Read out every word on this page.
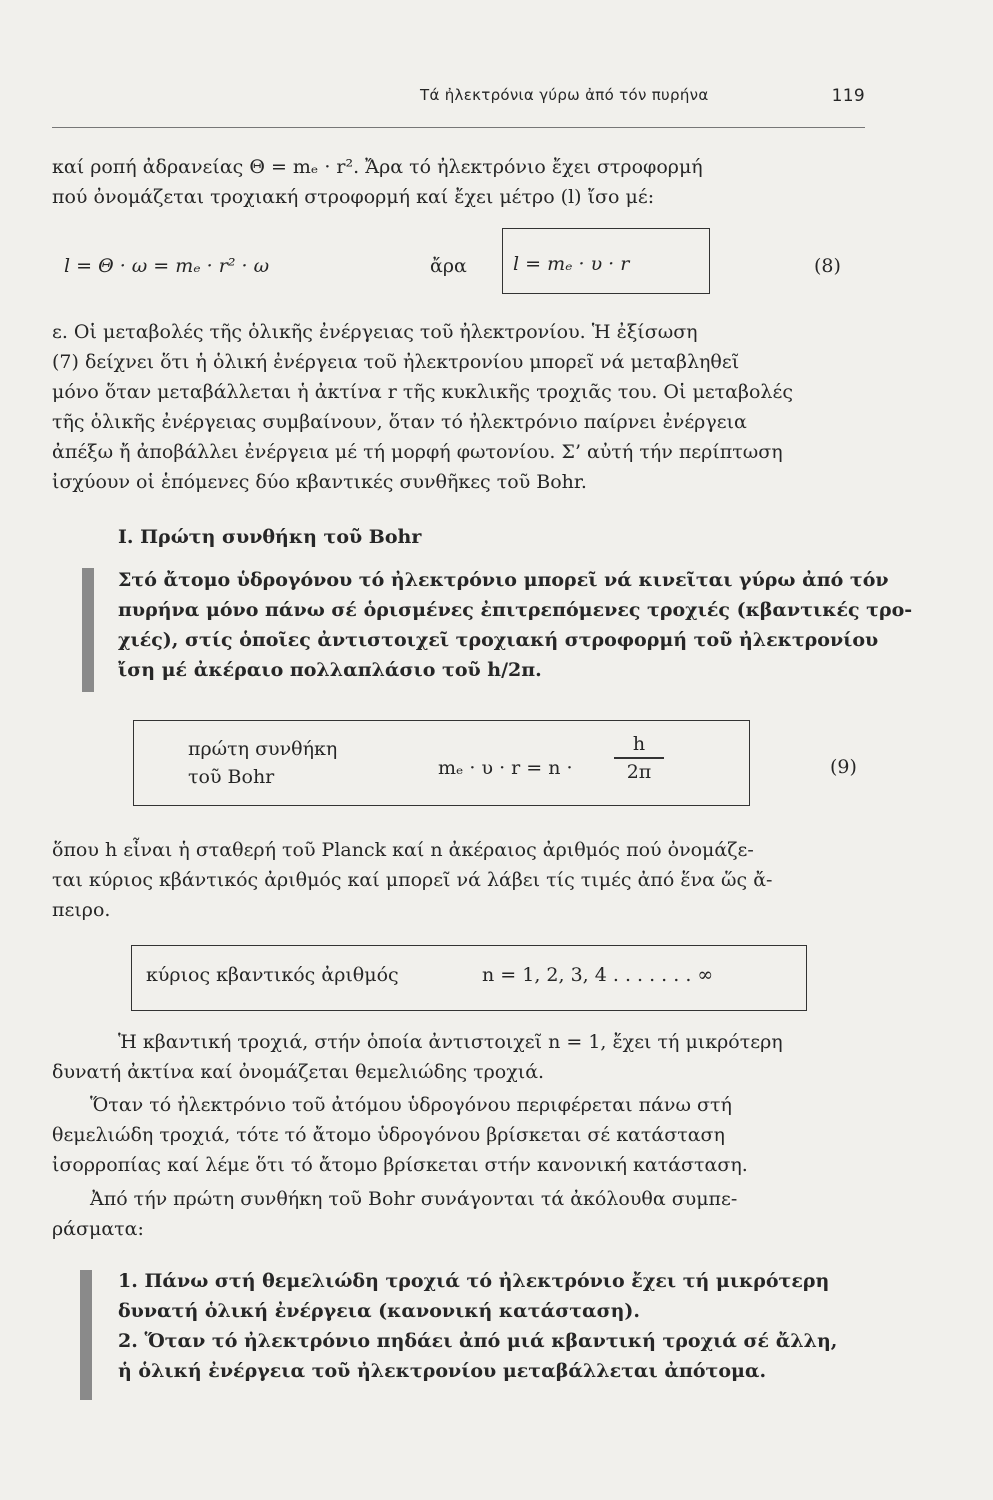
Τά ἠλεκτρόνια γύρω ἀπό τόν πυρήνα	119
καί ροπή ἀδρανείας Θ = mₑ · r². Ἄρα τό ἠλεκτρόνιο ἔχει στροφορμή
πού ὀνομάζεται τροχιακή στροφορμή καί ἔχει μέτρο (l) ἴσο μέ:
l = Θ · ω = mₑ · r² · ω	ἄρα	(8)
l = mₑ · υ · r
ε. Οἱ μεταβολές τῆς ὁλικῆς ἐνέργειας τοῦ ἠλεκτρονίου. Ἡ ἐξίσωση
(7) δείχνει ὅτι ἡ ὁλική ἐνέργεια τοῦ ἠλεκτρονίου μπορεῖ νά μεταβληθεῖ
μόνο ὅταν μεταβάλλεται ἡ ἀκτίνα r τῆς κυκλικῆς τροχιᾶς του. Οἱ μεταβολές
τῆς ὁλικῆς ἐνέργειας συμβαίνουν, ὅταν τό ἠλεκτρόνιο παίρνει ἐνέργεια
ἀπέξω ἤ ἀποβάλλει ἐνέργεια μέ τή μορφή φωτονίου. Σ’ αὐτή τήν περίπτωση
ἰσχύουν οἱ ἑπόμενες δύο κβαντικές συνθῆκες τοῦ Bohr.
Ι. Πρώτη συνθήκη τοῦ Bohr
Στό ἄτομο ὑδρογόνου τό ἠλεκτρόνιο μπορεῖ νά κινεῖται γύρω ἀπό τόν
πυρήνα μόνο πάνω σέ ὁρισμένες ἐπιτρεπόμενες τροχιές (κβαντικές τρο-
χιές), στίς ὁποῖες ἀντιστοιχεῖ τροχιακή στροφορμή τοῦ ἠλεκτρονίου
ἴση μέ ἀκέραιο πολλαπλάσιο τοῦ h/2π.
πρώτη συνθήκη
τοῦ Bohr	mₑ · υ · r = n ·
h
2π	(9)
ὅπου h εἶναι ἡ σταθερή τοῦ Planck καί n ἀκέραιος ἀριθμός πού ὀνομάζε-
ται κύριος κβάντικός ἀριθμός καί μπορεῖ νά λάβει τίς τιμές ἀπό ἕνα ὥς ἄ-
πειρο.
κύριος κβαντικός ἀριθμός	n = 1, 2, 3, 4 . . . . . . . ∞
Ἡ κβαντική τροχιά, στήν ὁποία ἀντιστοιχεῖ n = 1, ἔχει τή μικρότερη
δυνατή ἀκτίνα καί ὀνομάζεται θεμελιώδης τροχιά.
Ὅταν τό ἠλεκτρόνιο τοῦ ἀτόμου ὑδρογόνου περιφέρεται πάνω στή
θεμελιώδη τροχιά, τότε τό ἄτομο ὑδρογόνου βρίσκεται σέ κατάσταση
ἰσορροπίας καί λέμε ὅτι τό ἄτομο βρίσκεται στήν κανονική κατάσταση.
Ἀπό τήν πρώτη συνθήκη τοῦ Bohr συνάγονται τά ἀκόλουθα συμπε-
ράσματα:
1. Πάνω στή θεμελιώδη τροχιά τό ἠλεκτρόνιο ἔχει τή μικρότερη
δυνατή ὁλική ἐνέργεια (κανονική κατάσταση).
2. Ὅταν τό ἠλεκτρόνιο πηδάει ἀπό μιά κβαντική τροχιά σέ ἄλλη,
ἡ ὁλική ἐνέργεια τοῦ ἠλεκτρονίου μεταβάλλεται ἀπότομα.
